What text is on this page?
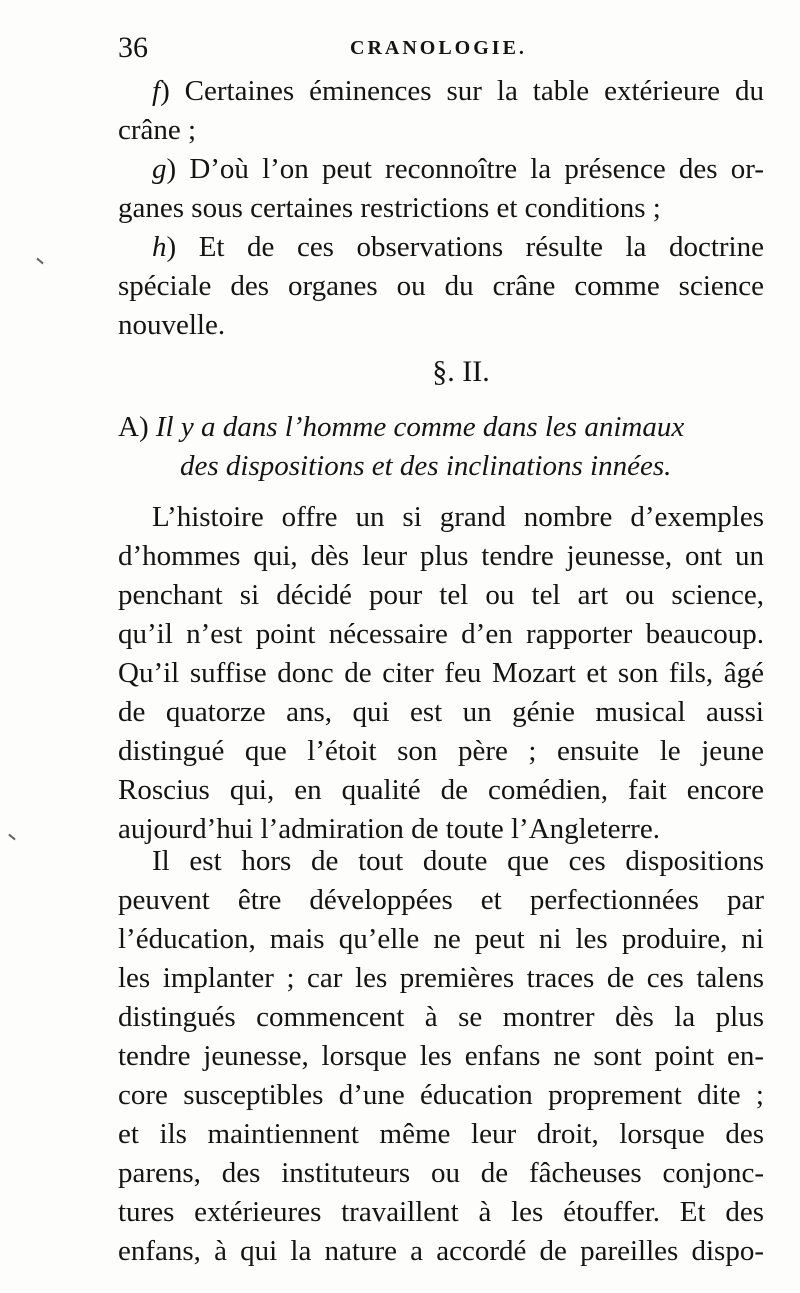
36	CRANOLOGIE.
f) Certaines éminences sur la table extérieure du
crâne ;
g) D’où l’on peut reconnoître la présence des or-
ganes sous certaines restrictions et conditions ;
h) Et de ces observations résulte la doctrine
spéciale des organes ou du crâne comme science
nouvelle.
§. II.
A) Il y a dans l’homme comme dans les animaux
des dispositions et des inclinations innées.
L’histoire offre un si grand nombre d’exemples
d’hommes qui, dès leur plus tendre jeunesse, ont un
penchant si décidé pour tel ou tel art ou science,
qu’il n’est point nécessaire d’en rapporter beaucoup.
Qu’il suffise donc de citer feu Mozart et son fils, âgé
de quatorze ans, qui est un génie musical aussi
distingué que l’étoit son père ; ensuite le jeune
Roscius qui, en qualité de comédien, fait encore
aujourd’hui l’admiration de toute l’Angleterre.
Il est hors de tout doute que ces dispositions
peuvent être développées et perfectionnées par
l’éducation, mais qu’elle ne peut ni les produire, ni
les implanter ; car les premières traces de ces talens
distingués commencent à se montrer dès la plus
tendre jeunesse, lorsque les enfans ne sont point en-
core susceptibles d’une éducation proprement dite ;
et ils maintiennent même leur droit, lorsque des
parens, des instituteurs ou de fâcheuses conjonc-
tures extérieures travaillent à les étouffer. Et des
enfans, à qui la nature a accordé de pareilles dispo-
